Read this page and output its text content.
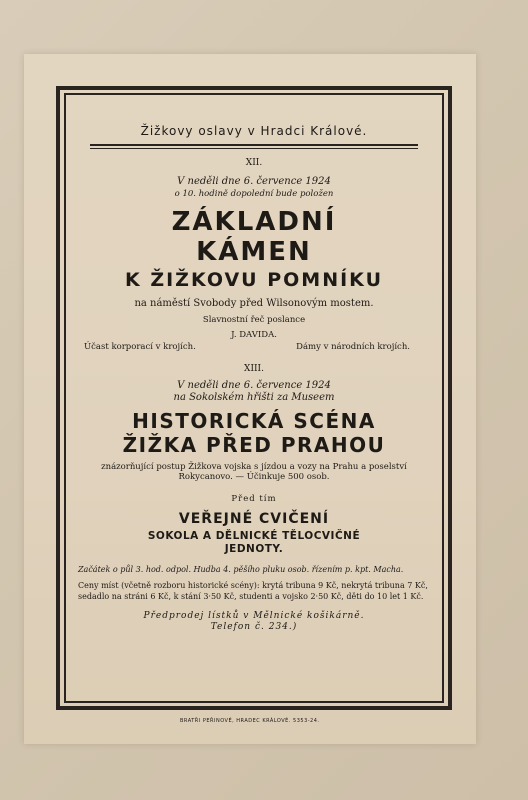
Žižkovy oslavy v Hradci Králové.
XII.
V neděli dne 6. července 1924
o 10. hodině dopolední bude položen
ZÁKLADNÍ
KÁMEN
K ŽIŽKOVU POMNÍKU
na náměstí Svobody před Wilsonovým mostem.
Slavnostní řeč poslance
J. DAVIDA.
Účast korporací v krojích.	Dámy v národních krojích.
XIII.
V neděli dne 6. července 1924
na Sokolském hřišti za Museem
HISTORICKÁ SCÉNA
ŽIŽKA PŘED PRAHOU
znázorňující postup Žižkova vojska s jízdou a vozy na Prahu a poselství Rokycanovo. — Účinkuje 500 osob.
Před tím
VEŘEJNÉ CVIČENÍ
SOKOLA A DĚLNICKÉ TĚLOCVIČNÉ
JEDNOTY.
Začátek o půl 3. hod. odpol. Hudba 4. pěšího pluku osob. řízením p. kpt. Macha.
Ceny míst (včetně rozboru historické scény): krytá tribuna 9 Kč, nekrytá tribuna 7 Kč, sedadlo na stráni 6 Kč, k stání 3·50 Kč, studenti a vojsko 2·50 Kč, děti do 10 let 1 Kč.
Předprodej lístků v Mělnické košikárně.
Telefon č. 234.)
BRATŘI PEŘINOVÉ, HRADEC KRÁLOVÉ. 5353-24.
